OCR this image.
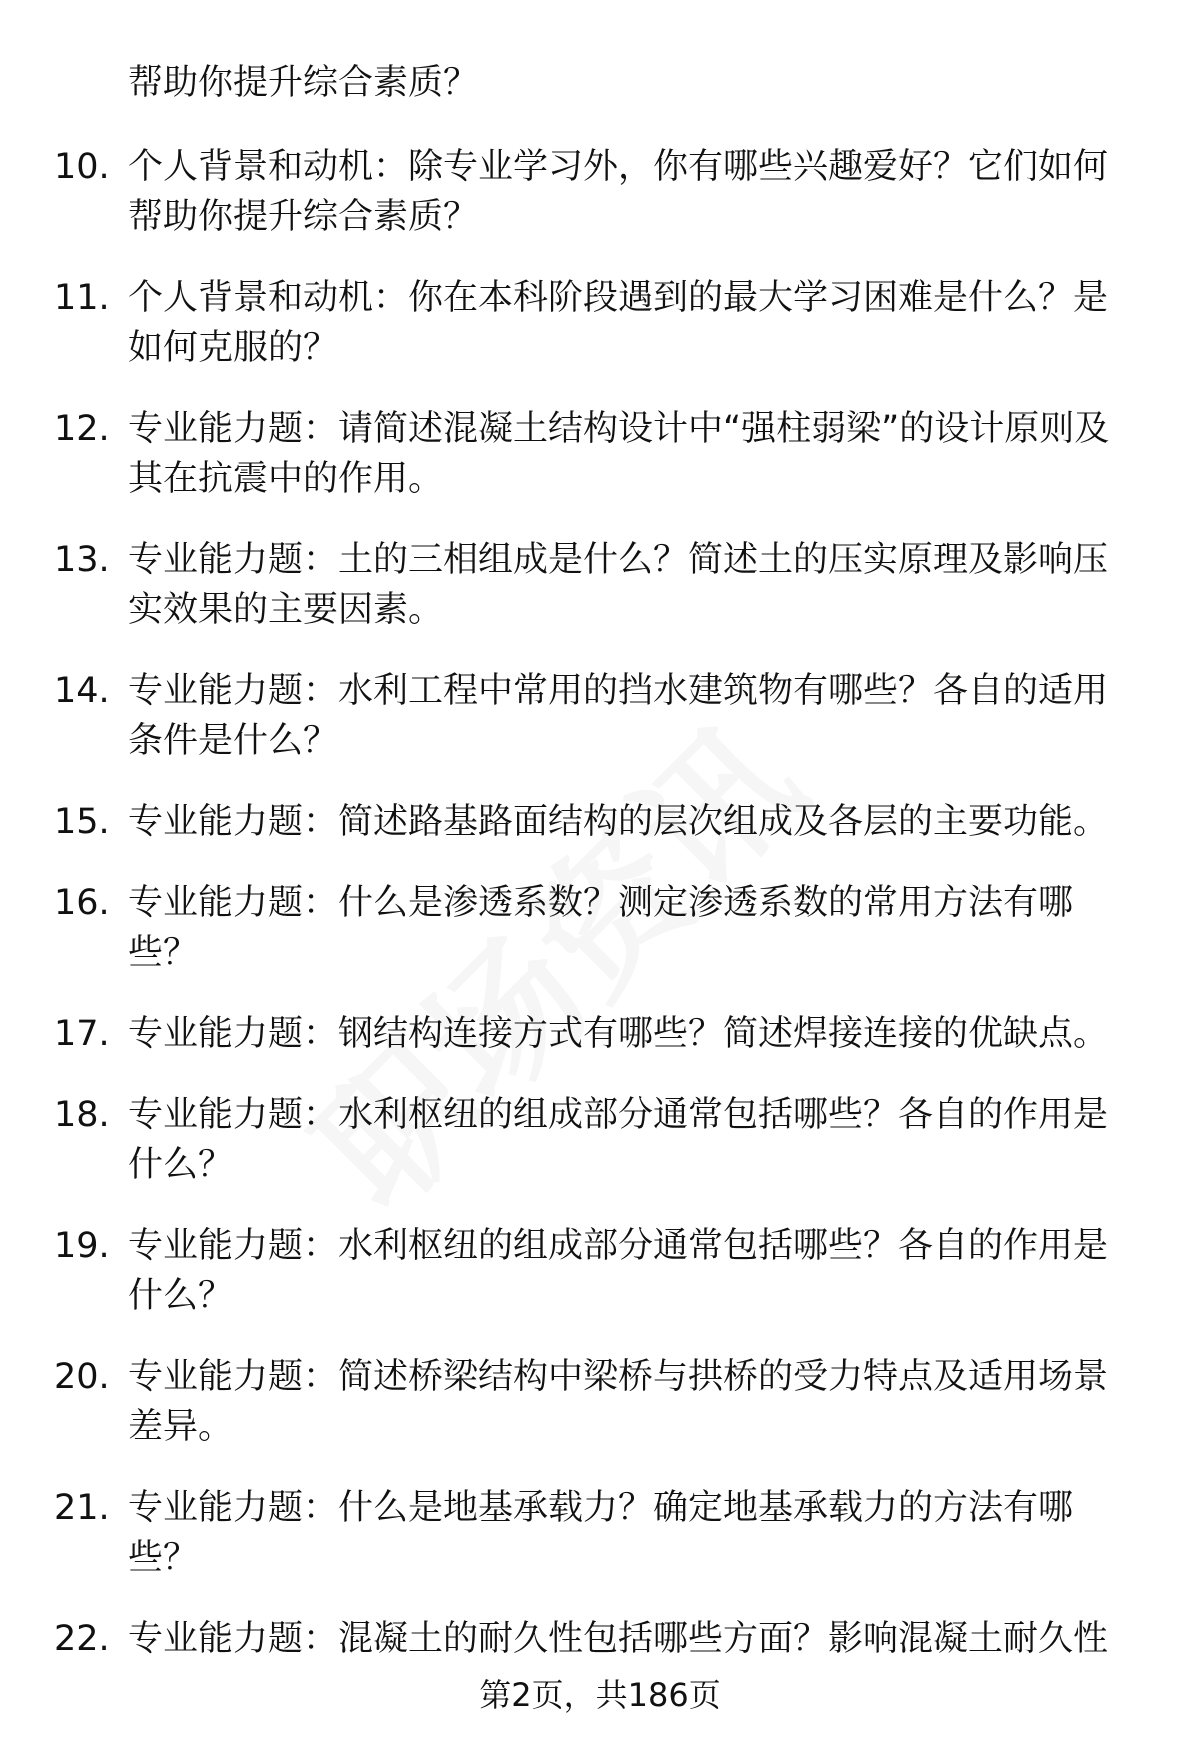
帮助你提升综合素质？
10. 个人背景和动机：除专业学习外，你有哪些兴趣爱好？它们如何帮助你提升综合素质？
11. 个人背景和动机：你在本科阶段遇到的最大学习困难是什么？是如何克服的？
12. 专业能力题：请简述混凝土结构设计中“强柱弱梁”的设计原则及其在抗震中的作用。
13. 专业能力题：土的三相组成是什么？简述土的压实原理及影响压实效果的主要因素。
14. 专业能力题：水利工程中常用的挡水建筑物有哪些？各自的适用条件是什么？
15. 专业能力题：简述路基路面结构的层次组成及各层的主要功能。
16. 专业能力题：什么是渗透系数？测定渗透系数的常用方法有哪些？
17. 专业能力题：钢结构连接方式有哪些？简述焊接连接的优缺点。
18. 专业能力题：水利枢纽的组成部分通常包括哪些？各自的作用是什么？
19. 专业能力题：水利枢纽的组成部分通常包括哪些？各自的作用是什么？
20. 专业能力题：简述桥梁结构中梁桥与拱桥的受力特点及适用场景差异。
21. 专业能力题：什么是地基承载力？确定地基承载力的方法有哪些？
22. 专业能力题：混凝土的耐久性包括哪些方面？影响混凝土耐久性
第2页，共186页
